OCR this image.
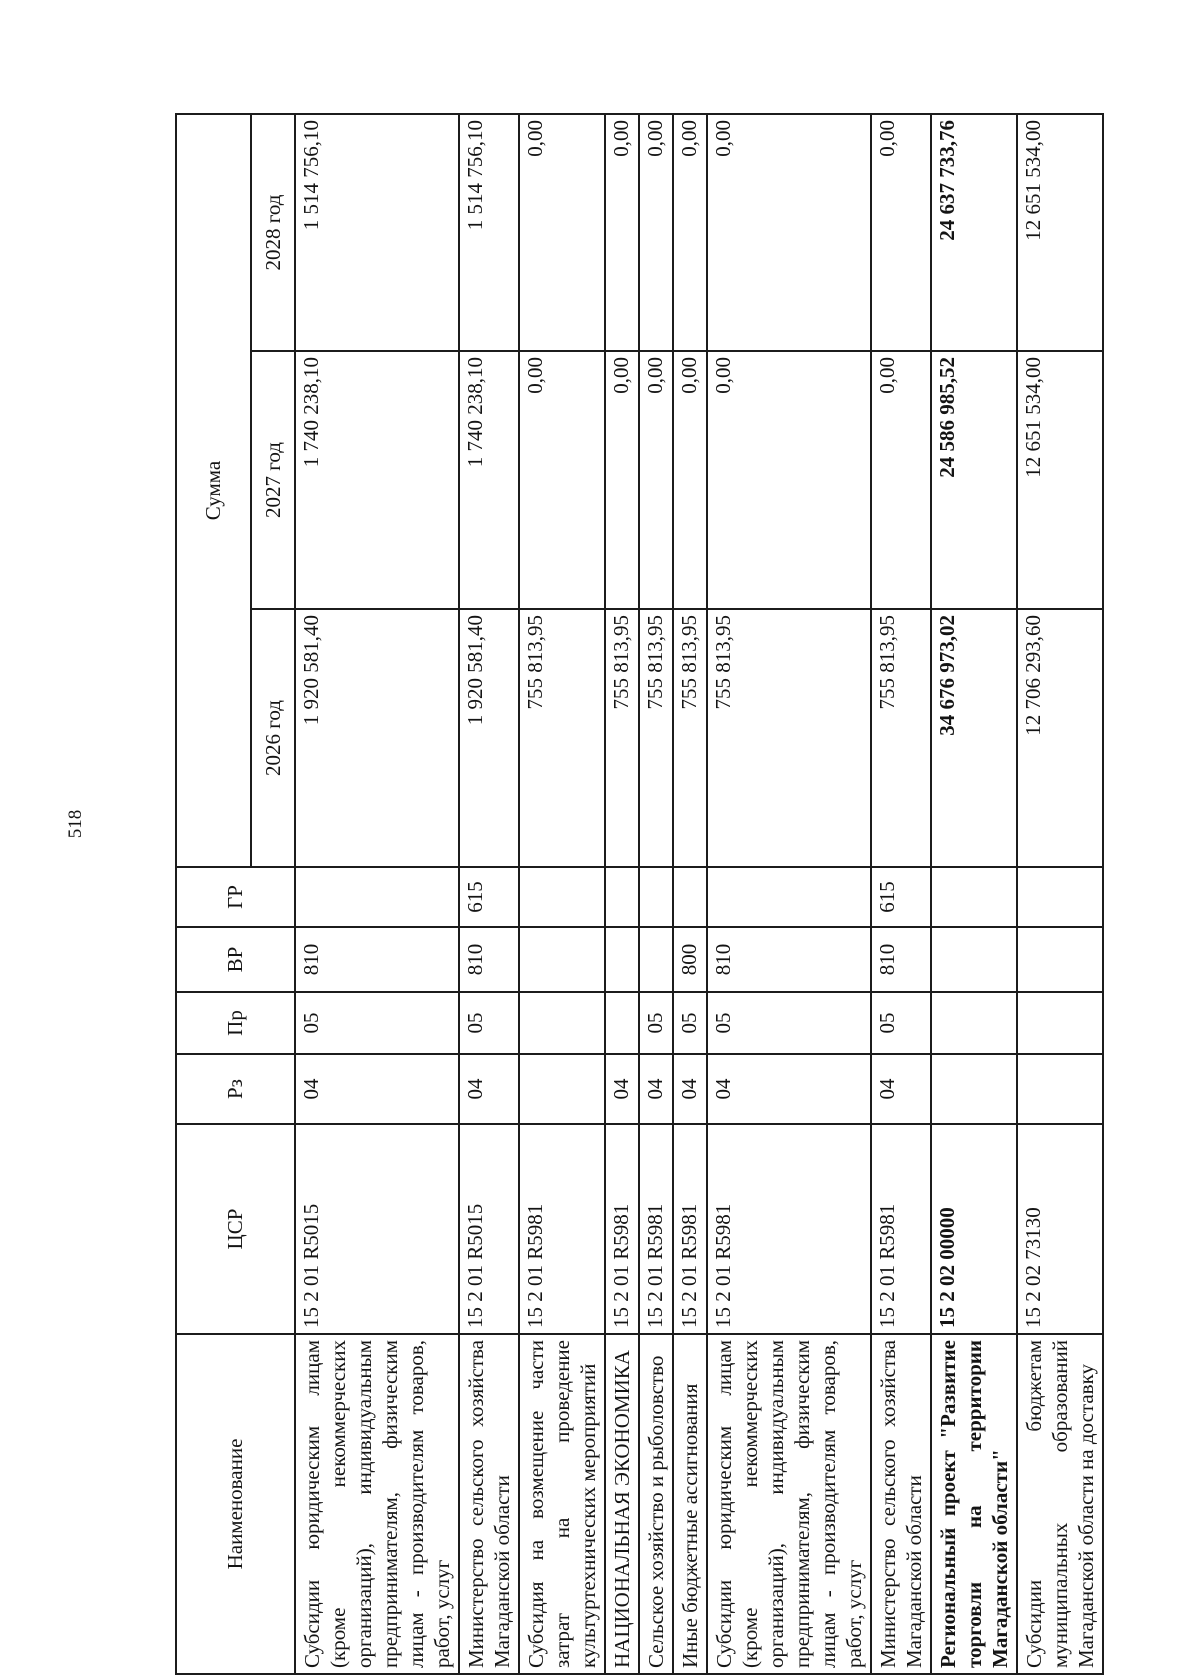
518
Наименование	ЦСР	Рз	Пр	ВР	ГР	Сумма		
						2026 год	2027 год	2028 год
Субсидии юридическим лицам (кроме некоммерческих организаций), индивидуальным предпринимателям, физическим лицам - производителям товаров, работ, услуг	15 2 01 R5015	04	05	810		1 920 581,40	1 740 238,10	1 514 756,10
Министерство сельского хозяйства Магаданской области	15 2 01 R5015	04	05	810	615	1 920 581,40	1 740 238,10	1 514 756,10
Субсидия на возмещение части затрат на проведение культуртехнических мероприятий	15 2 01 R5981					755 813,95	0,00	0,00
НАЦИОНАЛЬНАЯ ЭКОНОМИКА	15 2 01 R5981	04				755 813,95	0,00	0,00
Сельское хозяйство и рыболовство	15 2 01 R5981	04	05			755 813,95	0,00	0,00
Иные бюджетные ассигнования	15 2 01 R5981	04	05	800		755 813,95	0,00	0,00
Субсидии юридическим лицам (кроме некоммерческих организаций), индивидуальным предпринимателям, физическим лицам - производителям товаров, работ, услуг	15 2 01 R5981	04	05	810		755 813,95	0,00	0,00
Министерство сельского хозяйства Магаданской области	15 2 01 R5981	04	05	810	615	755 813,95	0,00	0,00
Региональный проект "Развитие торговли на территории Магаданской области"	15 2 02 00000					34 676 973,02	24 586 985,52	24 637 733,76
Субсидии бюджетам муниципальных образований Магаданской области на доставку	15 2 02 73130					12 706 293,60	12 651 534,00	12 651 534,00
